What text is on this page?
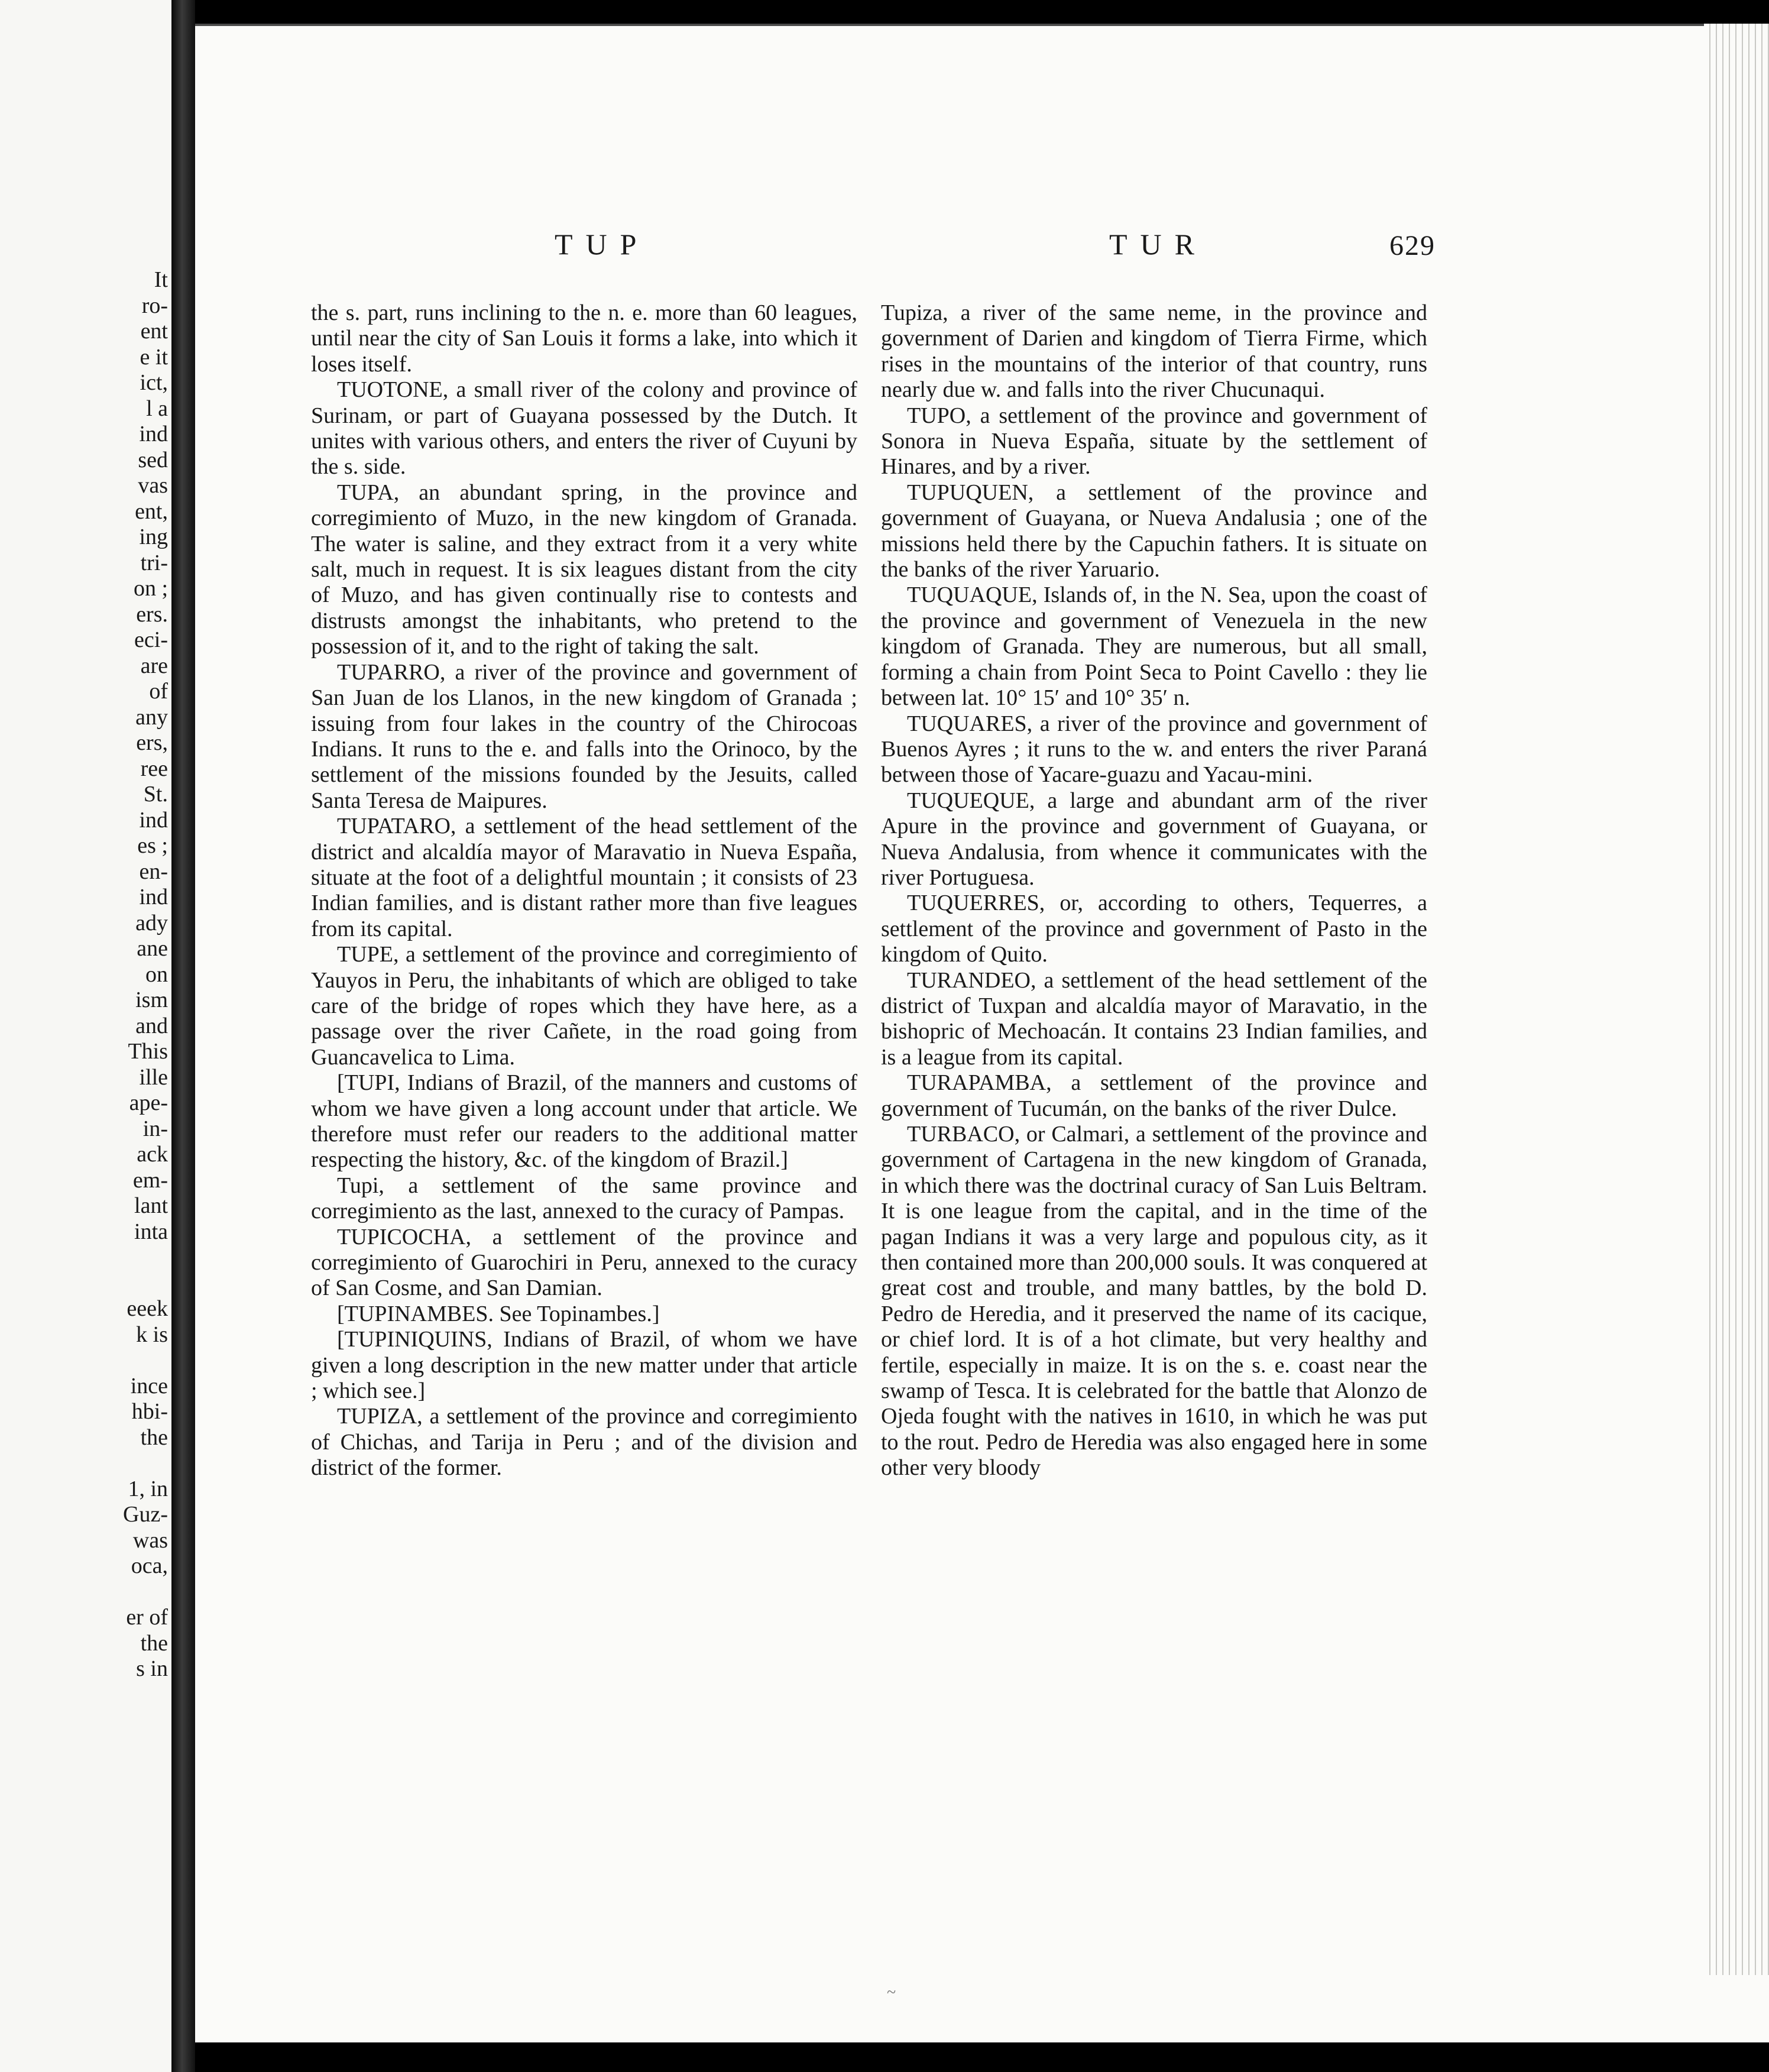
It

ro-

ent

e it

ict,

l a

ind

sed

vas

ent,

ing

tri-

on ;

ers.

eci-

are

of

any

ers,

ree

St.

ind

es ;

en-

ind

ady

ane

on

ism

and

This

ille

ape-

in-

ack

em-

lant

inta

eeek

k is

ince

hbi-

the

1, in

Guz-

was

oca,

er of

the

s in

TUP	TUR	629

the s. part, runs inclining to the n. e. more than 60 leagues, until near the city of San Louis it forms a lake, into which it loses itself.

TUOTONE, a small river of the colony and province of Surinam, or part of Guayana possessed by the Dutch. It unites with various others, and enters the river of Cuyuni by the s. side.

TUPA, an abundant spring, in the province and corregimiento of Muzo, in the new kingdom of Granada. The water is saline, and they extract from it a very white salt, much in request. It is six leagues distant from the city of Muzo, and has given continually rise to contests and distrusts amongst the inhabitants, who pretend to the possession of it, and to the right of taking the salt.

TUPARRO, a river of the province and government of San Juan de los Llanos, in the new kingdom of Granada ; issuing from four lakes in the country of the Chirocoas Indians. It runs to the e. and falls into the Orinoco, by the settlement of the missions founded by the Jesuits, called Santa Teresa de Maipures.

TUPATARO, a settlement of the head settlement of the district and alcaldía mayor of Maravatio in Nueva España, situate at the foot of a delightful mountain ; it consists of 23 Indian families, and is distant rather more than five leagues from its capital.

TUPE, a settlement of the province and corregimiento of Yauyos in Peru, the inhabitants of which are obliged to take care of the bridge of ropes which they have here, as a passage over the river Cañete, in the road going from Guancavelica to Lima.

[TUPI, Indians of Brazil, of the manners and customs of whom we have given a long account under that article. We therefore must refer our readers to the additional matter respecting the history, &c. of the kingdom of Brazil.]

Tupi, a settlement of the same province and corregimiento as the last, annexed to the curacy of Pampas.

TUPICOCHA, a settlement of the province and corregimiento of Guarochiri in Peru, annexed to the curacy of San Cosme, and San Damian.

[TUPINAMBES. See Topinambes.]

[TUPINIQUINS, Indians of Brazil, of whom we have given a long description in the new matter under that article ; which see.]

TUPIZA, a settlement of the province and corregimiento of Chichas, and Tarija in Peru ; and of the division and district of the former.

Tupiza, a river of the same neme, in the province and government of Darien and kingdom of Tierra Firme, which rises in the mountains of the interior of that country, runs nearly due w. and falls into the river Chucunaqui.

TUPO, a settlement of the province and government of Sonora in Nueva España, situate by the settlement of Hinares, and by a river.

TUPUQUEN, a settlement of the province and government of Guayana, or Nueva Andalusia ; one of the missions held there by the Capuchin fathers. It is situate on the banks of the river Yaruario.

TUQUAQUE, Islands of, in the N. Sea, upon the coast of the province and government of Venezuela in the new kingdom of Granada. They are numerous, but all small, forming a chain from Point Seca to Point Cavello : they lie between lat. 10° 15′ and 10° 35′ n.

TUQUARES, a river of the province and government of Buenos Ayres ; it runs to the w. and enters the river Paraná between those of Yacare-guazu and Yacau-mini.

TUQUEQUE, a large and abundant arm of the river Apure in the province and government of Guayana, or Nueva Andalusia, from whence it communicates with the river Portuguesa.

TUQUERRES, or, according to others, Tequerres, a settlement of the province and government of Pasto in the kingdom of Quito.

TURANDEO, a settlement of the head settlement of the district of Tuxpan and alcaldía mayor of Maravatio, in the bishopric of Mechoacán. It contains 23 Indian families, and is a league from its capital.

TURAPAMBA, a settlement of the province and government of Tucumán, on the banks of the river Dulce.

TURBACO, or Calmari, a settlement of the province and government of Cartagena in the new kingdom of Granada, in which there was the doctrinal curacy of San Luis Beltram. It is one league from the capital, and in the time of the pagan Indians it was a very large and populous city, as it then contained more than 200,000 souls. It was conquered at great cost and trouble, and many battles, by the bold D. Pedro de Heredia, and it preserved the name of its cacique, or chief lord. It is of a hot climate, but very healthy and fertile, especially in maize. It is on the s. e. coast near the swamp of Tesca. It is celebrated for the battle that Alonzo de Ojeda fought with the natives in 1610, in which he was put to the rout. Pedro de Heredia was also engaged here in some other very bloody

~
